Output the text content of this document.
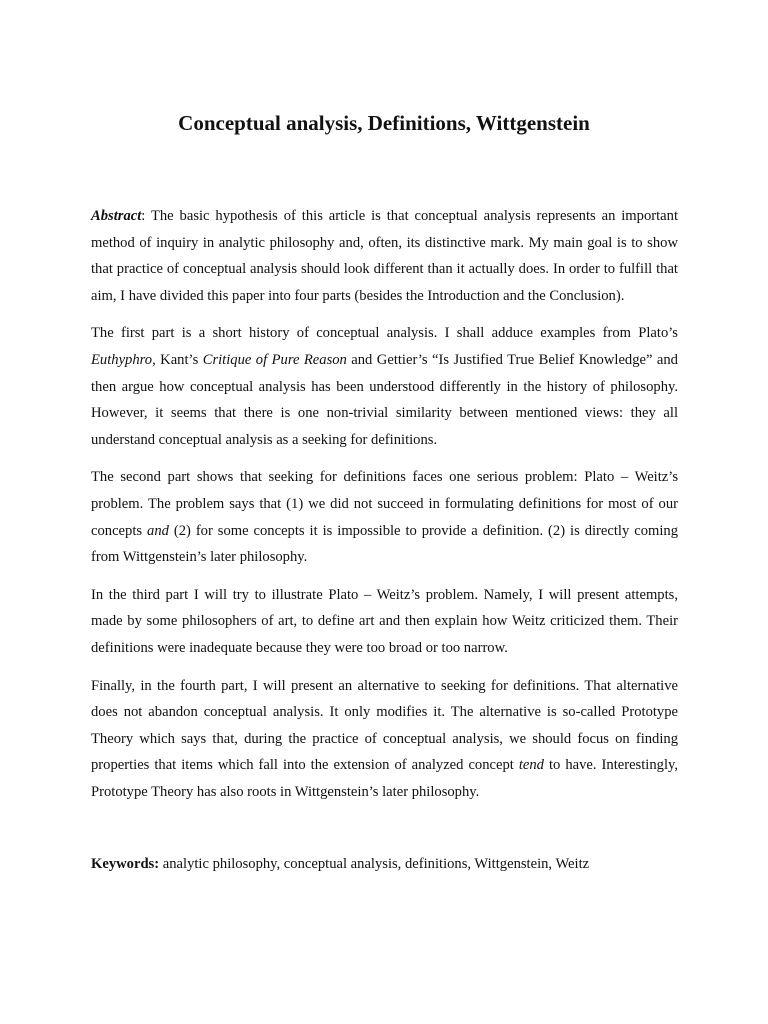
Conceptual analysis, Definitions, Wittgenstein

Abstract: The basic hypothesis of this article is that conceptual analysis represents an important method of inquiry in analytic philosophy and, often, its distinctive mark. My main goal is to show that practice of conceptual analysis should look different than it actually does. In order to fulfill that aim, I have divided this paper into four parts (besides the Introduction and the Conclusion).

The first part is a short history of conceptual analysis. I shall adduce examples from Plato’s Euthyphro, Kant’s Critique of Pure Reason and Gettier’s “Is Justified True Belief Knowledge” and then argue how conceptual analysis has been understood differently in the history of philosophy. However, it seems that there is one non-trivial similarity between mentioned views: they all understand conceptual analysis as a seeking for definitions.

The second part shows that seeking for definitions faces one serious problem: Plato – Weitz’s problem. The problem says that (1) we did not succeed in formulating definitions for most of our concepts and (2) for some concepts it is impossible to provide a definition. (2) is directly coming from Wittgenstein’s later philosophy.

In the third part I will try to illustrate Plato – Weitz’s problem. Namely, I will present attempts, made by some philosophers of art, to define art and then explain how Weitz criticized them. Their definitions were inadequate because they were too broad or too narrow.

Finally, in the fourth part, I will present an alternative to seeking for definitions. That alternative does not abandon conceptual analysis. It only modifies it. The alternative is so-called Prototype Theory which says that, during the practice of conceptual analysis, we should focus on finding properties that items which fall into the extension of analyzed concept tend to have. Interestingly, Prototype Theory has also roots in Wittgenstein’s later philosophy.

Keywords: analytic philosophy, conceptual analysis, definitions, Wittgenstein, Weitz
